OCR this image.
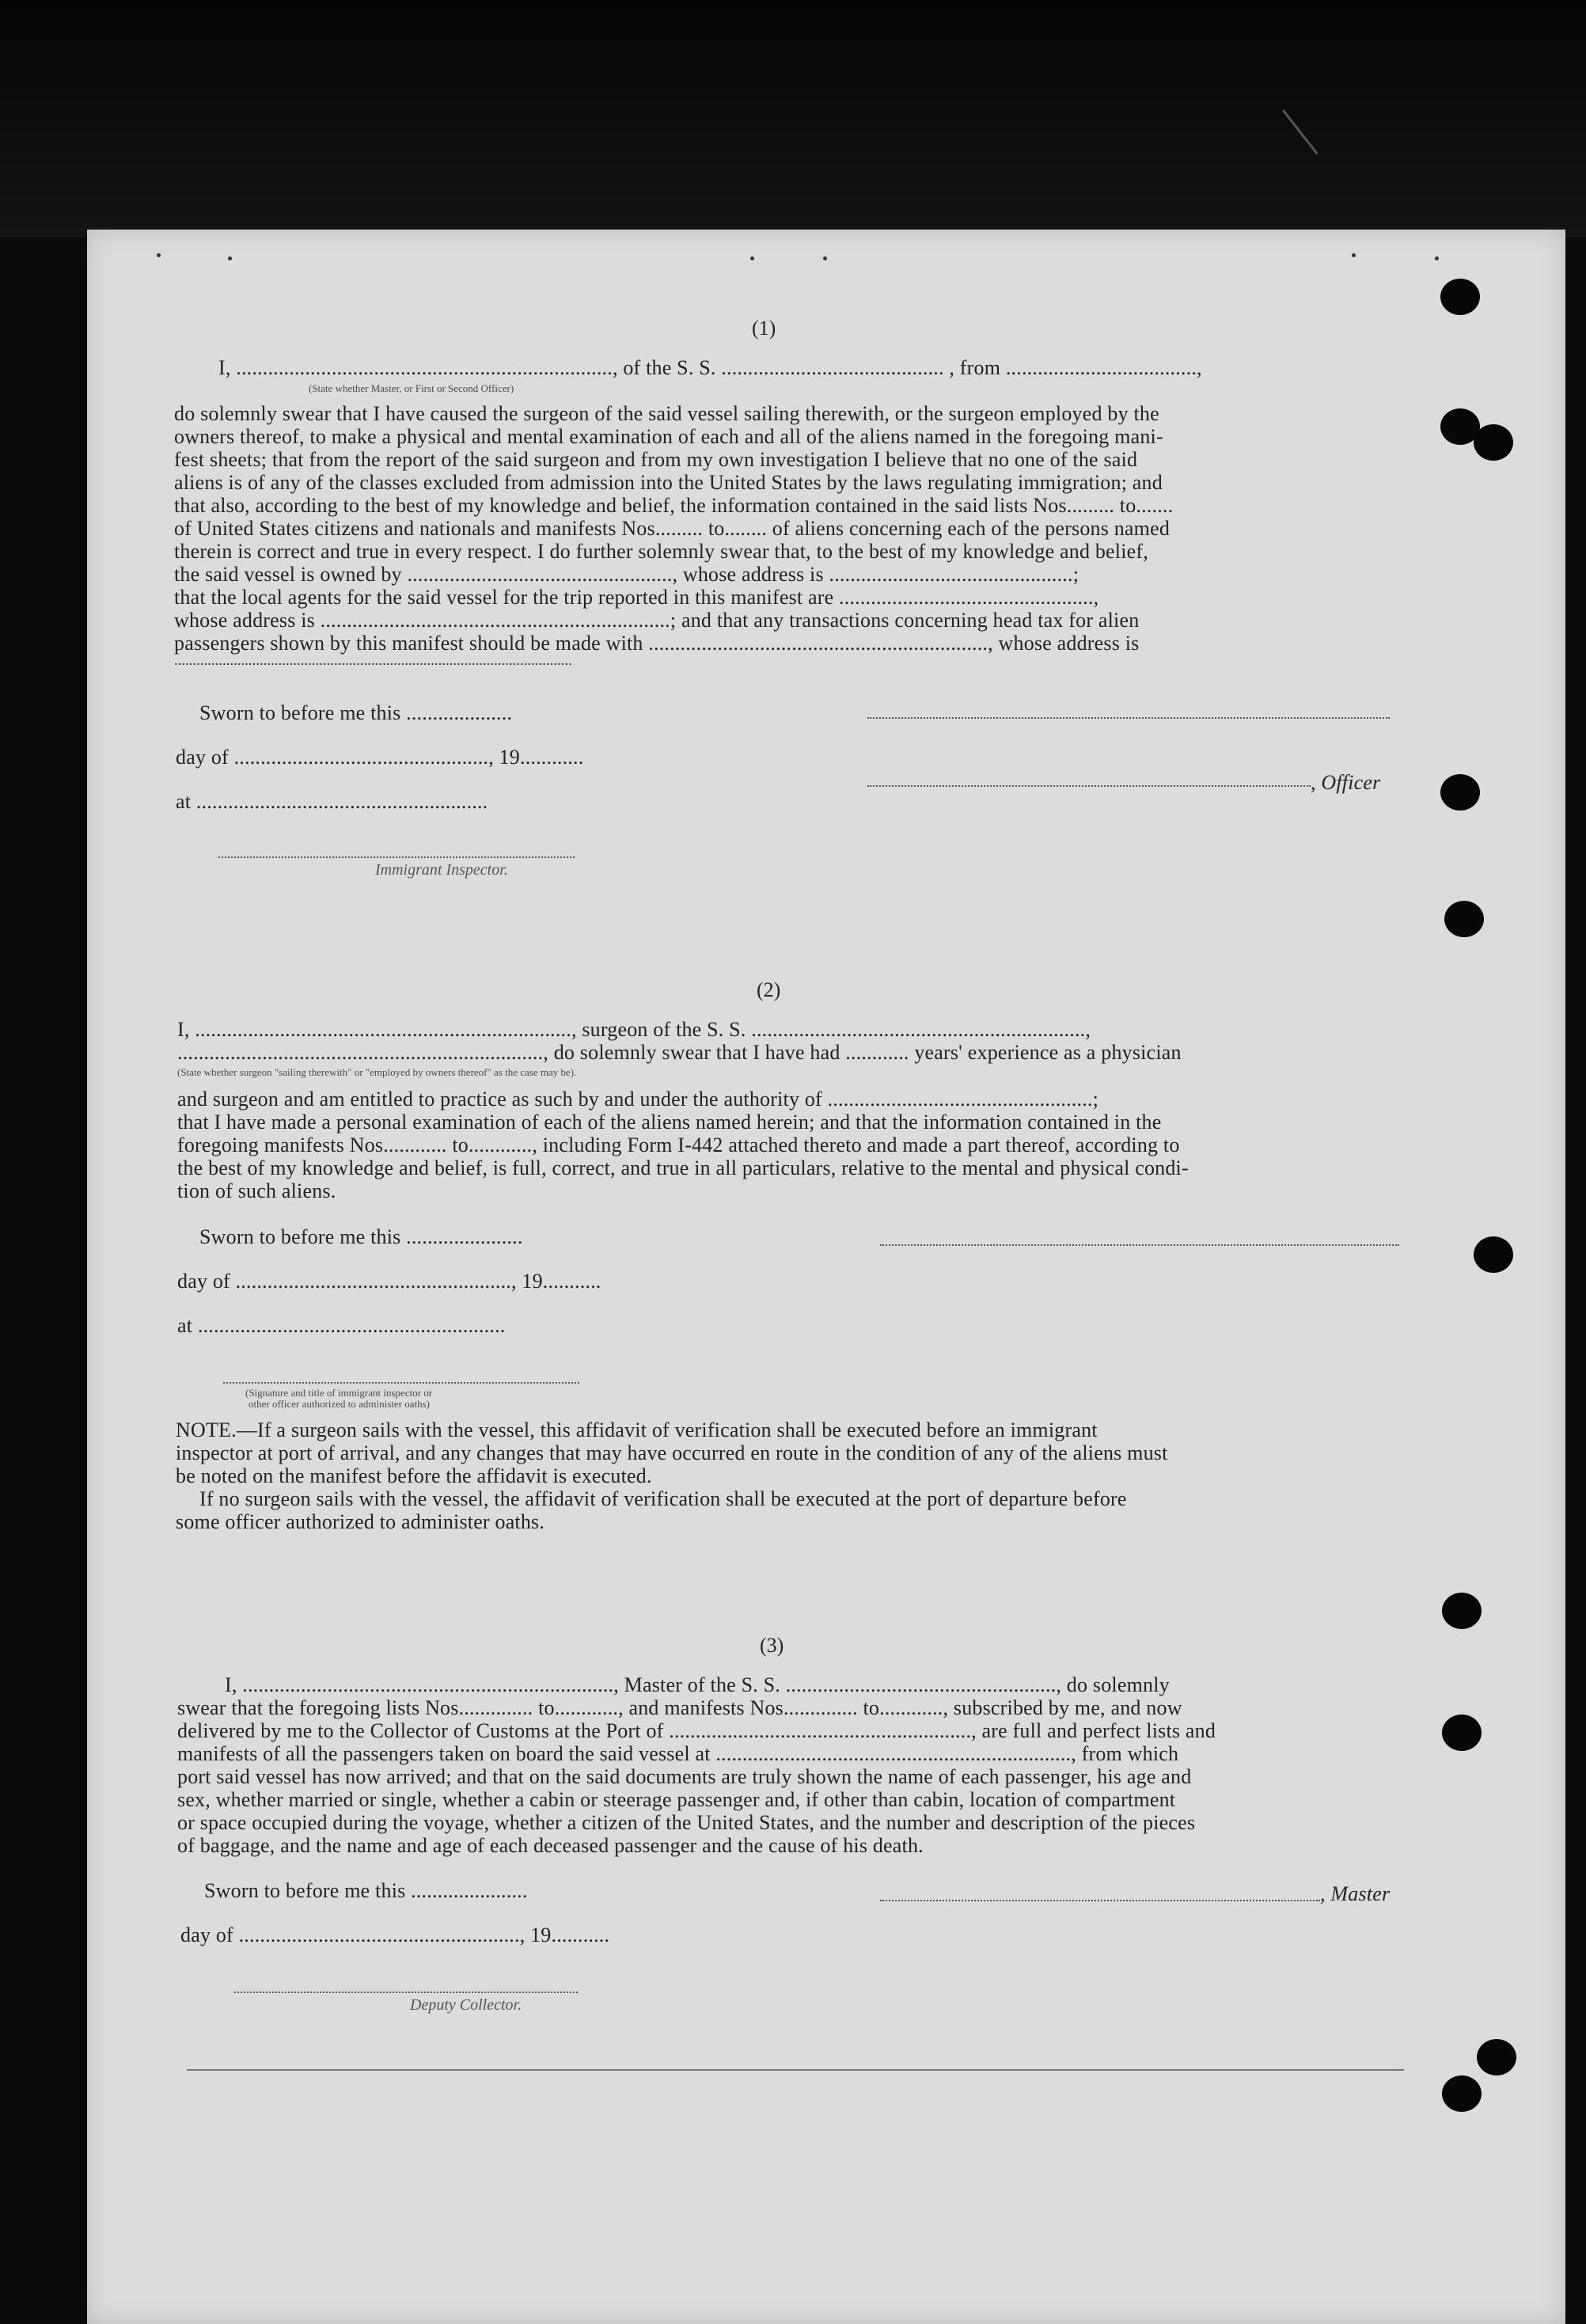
(1)
I, ......................................................................., of the S. S. .......................................... , from ....................................,
(State whether Master, or First or Second Officer)
do solemnly swear that I have caused the surgeon of the said vessel sailing therewith, or the surgeon employed by the
owners thereof, to make a physical and mental examination of each and all of the aliens named in the foregoing mani-
fest sheets; that from the report of the said surgeon and from my own investigation I believe that no one of the said
aliens is of any of the classes excluded from admission into the United States by the laws regulating immigration; and
that also, according to the best of my knowledge and belief, the information contained in the said lists Nos......... to.......
of United States citizens and nationals and manifests Nos......... to........ of aliens concerning each of the persons named
therein is correct and true in every respect. I do further solemnly swear that, to the best of my knowledge and belief,
the said vessel is owned by .................................................., whose address is ..............................................;
that the local agents for the said vessel for the trip reported in this manifest are ................................................,
whose address is ..................................................................; and that any transactions concerning head tax for alien
passengers shown by this manifest should be made with ................................................................, whose address is
...........................................................................................................
Sworn to before me this ....................
day of ................................................, 19............
, Officer
at .......................................................
Immigrant Inspector.
(2)
I, ......................................................................., surgeon of the S. S. ...............................................................,
....................................................................., do solemnly swear that I have had ............ years' experience as a physician
(State whether surgeon "sailing therewith" or "employed by owners thereof" as the case may be).
and surgeon and am entitled to practice as such by and under the authority of ..................................................;
that I have made a personal examination of each of the aliens named herein; and that the information contained in the
foregoing manifests Nos............ to............, including Form I-442 attached thereto and made a part thereof, according to
the best of my knowledge and belief, is full, correct, and true in all particulars, relative to the mental and physical condi-
tion of such aliens.
Sworn to before me this ......................
day of ...................................................., 19...........
at ..........................................................
(Signature and title of immigrant inspector or
other officer authorized to administer oaths)
NOTE.—If a surgeon sails with the vessel, this affidavit of verification shall be executed before an immigrant
inspector at port of arrival, and any changes that may have occurred en route in the condition of any of the aliens must
be noted on the manifest before the affidavit is executed.
If no surgeon sails with the vessel, the affidavit of verification shall be executed at the port of departure before
some officer authorized to administer oaths.
(3)
I, ......................................................................, Master of the S. S. ..................................................., do solemnly
swear that the foregoing lists Nos.............. to............, and manifests Nos.............. to............, subscribed by me, and now
delivered by me to the Collector of Customs at the Port of ........................................................., are full and perfect lists and
manifests of all the passengers taken on board the said vessel at ..................................................................., from which
port said vessel has now arrived; and that on the said documents are truly shown the name of each passenger, his age and
sex, whether married or single, whether a cabin or steerage passenger and, if other than cabin, location of compartment
or space occupied during the voyage, whether a citizen of the United States, and the number and description of the pieces
of baggage, and the name and age of each deceased passenger and the cause of his death.
Sworn to before me this ......................	, Master
day of ....................................................., 19...........
Deputy Collector.
